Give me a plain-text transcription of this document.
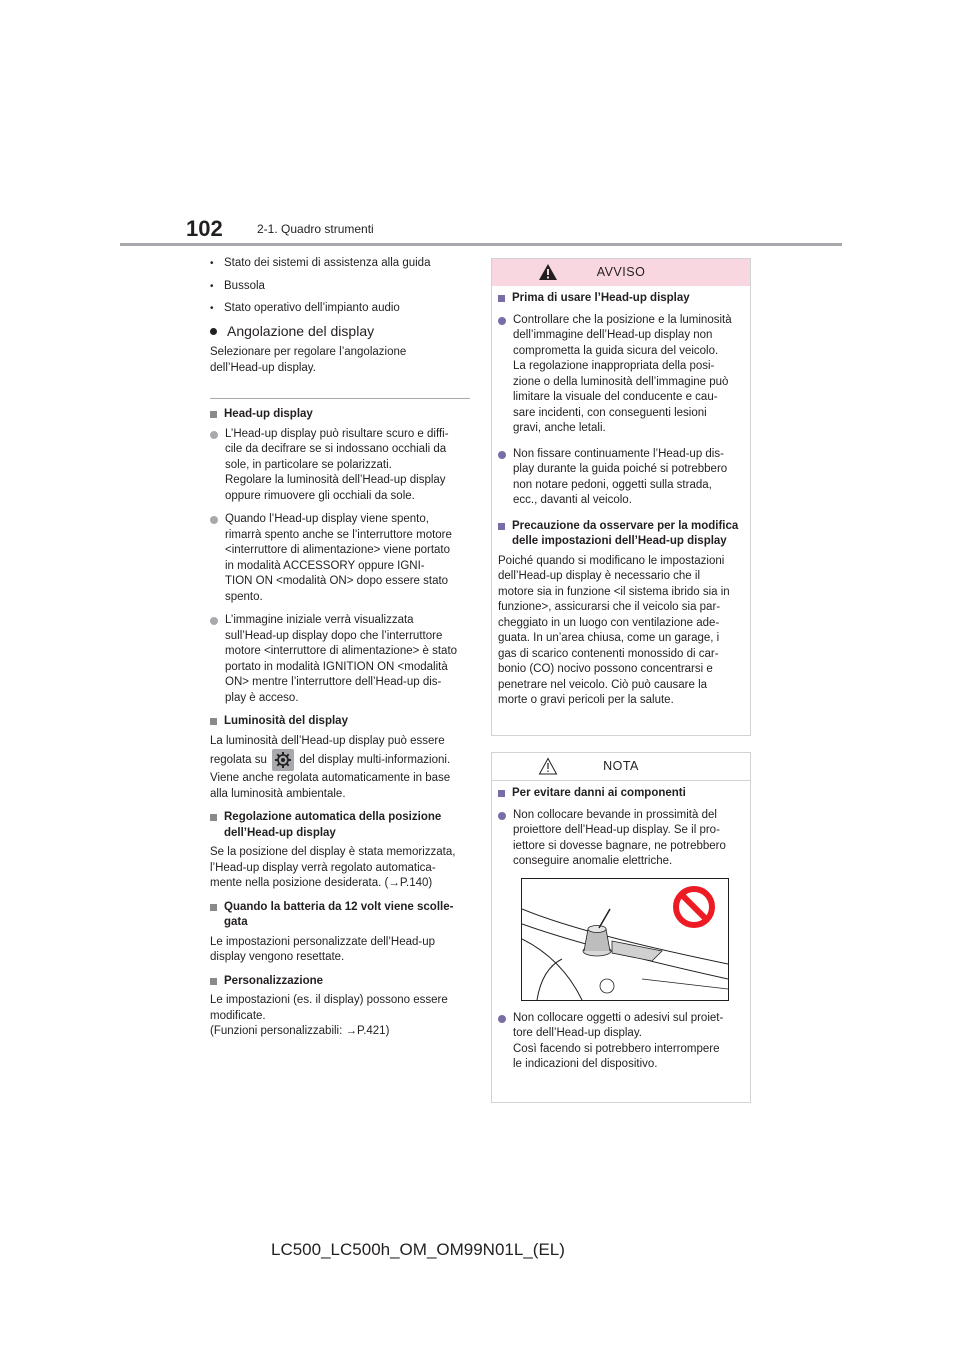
102	2-1. Quadro strumenti
• Stato dei sistemi di assistenza alla guida
• Bussola
• Stato operativo dell’impianto audio
Angolazione del display
Selezionare per regolare l’angolazione dell’Head-up display.
Head-up display
L’Head-up display può risultare scuro e diffi-
cile da decifrare se si indossano occhiali da
sole, in particolare se polarizzati.
Regolare la luminosità dell’Head-up display
oppure rimuovere gli occhiali da sole.
Quando l’Head-up display viene spento,
rimarrà spento anche se l’interruttore motore
<interruttore di alimentazione> viene portato
in modalità ACCESSORY oppure IGNI-
TION ON <modalità ON> dopo essere stato
spento.
L’immagine iniziale verrà visualizzata
sull’Head-up display dopo che l’interruttore
motore <interruttore di alimentazione> è stato
portato in modalità IGNITION ON <modalità
ON> mentre l’interruttore dell’Head-up dis-
play è acceso.
Luminosità del display
La luminosità dell’Head-up display può essere regolata su	del display multi-informazioni.
Viene anche regolata automaticamente in base
alla luminosità ambientale.
Regolazione automatica della posizione dell’Head-up display
Se la posizione del display è stata memorizzata,
l’Head-up display verrà regolato automatica-
mente nella posizione desiderata. (→P.140)
Quando la batteria da 12 volt viene scolle-
gata
Le impostazioni personalizzate dell’Head-up
display vengono resettate.
Personalizzazione
Le impostazioni (es. il display) possono essere
modificate.
(Funzioni personalizzabili: →P.421)
AVVISO
Prima di usare l’Head-up display
Controllare che la posizione e la luminosità
dell’immagine dell’Head-up display non
comprometta la guida sicura del veicolo.
La regolazione inappropriata della posi-
zione o della luminosità dell’immagine può
limitare la visuale del conducente e cau-
sare incidenti, con conseguenti lesioni
gravi, anche letali.
Non fissare continuamente l’Head-up dis-
play durante la guida poiché si potrebbero
non notare pedoni, oggetti sulla strada,
ecc., davanti al veicolo.
Precauzione da osservare per la modifica
delle impostazioni dell’Head-up display
Poiché quando si modificano le impostazioni
dell’Head-up display è necessario che il
motore sia in funzione <il sistema ibrido sia in
funzione>, assicurarsi che il veicolo sia par-
cheggiato in un luogo con ventilazione ade-
guata. In un’area chiusa, come un garage, i
gas di scarico contenenti monossido di car-
bonio (CO) nocivo possono concentrarsi e
penetrare nel veicolo. Ciò può causare la
morte o gravi pericoli per la salute.
NOTA
Per evitare danni ai componenti
Non collocare bevande in prossimità del
proiettore dell’Head-up display. Se il pro-
iettore si dovesse bagnare, ne potrebbero
conseguire anomalie elettriche.
Non collocare oggetti o adesivi sul proiet-
tore dell’Head-up display.
Così facendo si potrebbero interrompere
le indicazioni del dispositivo.
LC500_LC500h_OM_OM99N01L_(EL)
